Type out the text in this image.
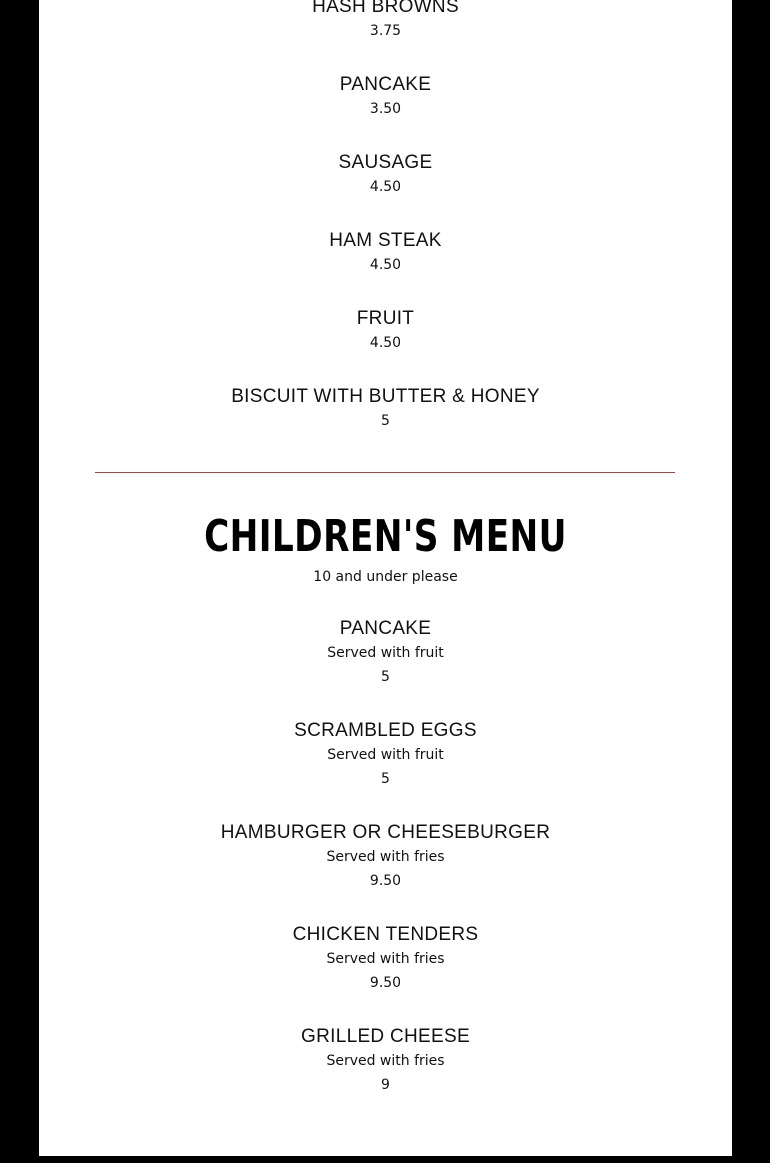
HASH BROWNS
3.75
PANCAKE
3.50
SAUSAGE
4.50
HAM STEAK
4.50
FRUIT
4.50
BISCUIT WITH BUTTER & HONEY
5
CHILDREN'S MENU
10 and under please
PANCAKE
Served with fruit
5
SCRAMBLED EGGS
Served with fruit
5
HAMBURGER OR CHEESEBURGER
Served with fries
9.50
CHICKEN TENDERS
Served with fries
9.50
GRILLED CHEESE
Served with fries
9
